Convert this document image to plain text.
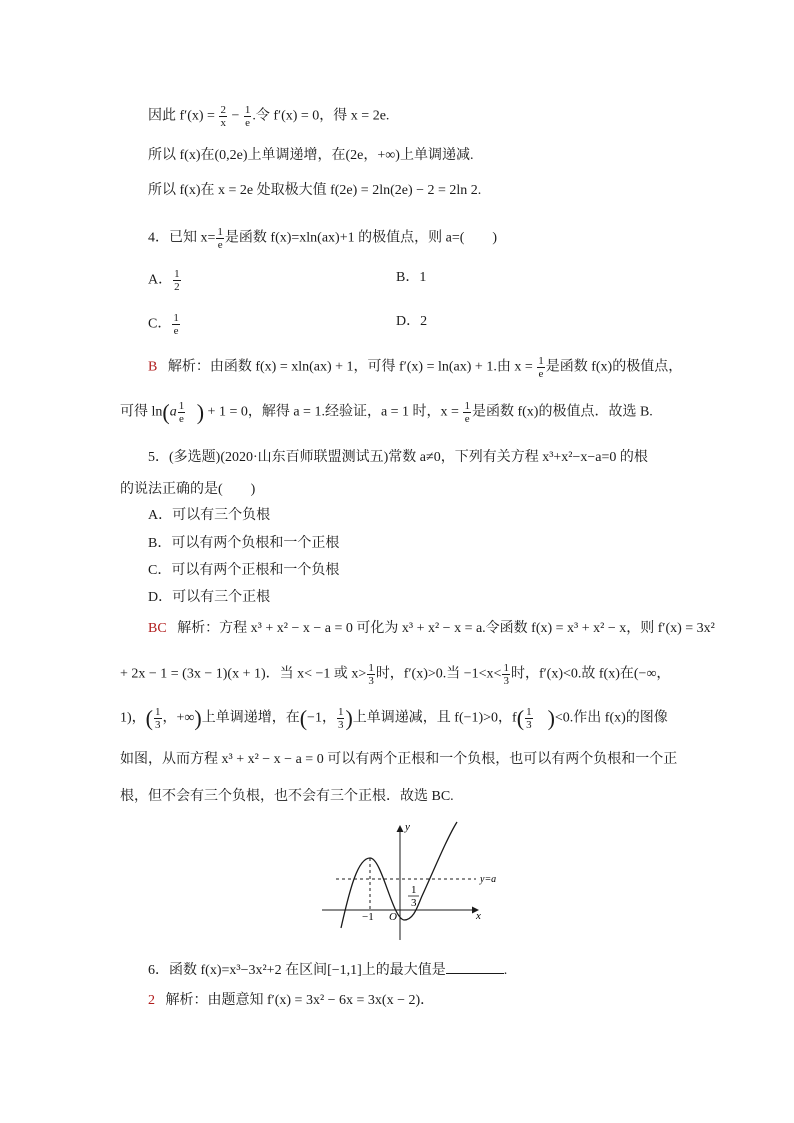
因此 $f'(x) = \frac{2}{x} - \frac{1}{e}$ .令 f′(x) = 0，得 x = 2e.
所以 f(x)在(0,2e)上单调递增，在(2e，+∞)上单调递减.
所以 f(x)在 x = 2e 处取极大值 f(2e) = 2ln(2e) − 2 = 2ln 2.
4．已知 $x= \frac{1}{e}$ 是函数 f(x)=xln(ax)+1 的极值点，则 a=(　　)
A． $\frac{1}{2}$	B．1
C． $\frac{1}{e}$	D．2
B 解析：由函数 f(x) = xln(ax) + 1，可得 f′(x) = ln(ax) + 1.由 $x = \frac{1}{e}$ 是函数 f(x)的极值点，
可得 $\ln(a \frac{1}{e}$ ) + 1 = 0，解得 a = 1.经验证，a = 1 时，$x = \frac{1}{e}$ 是函数 f(x)的极值点．故选 B.
5．(多选题)(2020·山东百师联盟测试五)常数 a≠0，下列有关方程 x³+x²−x−a=0 的根
的说法正确的是(　　)
A．可以有三个负根
B．可以有两个负根和一个正根
C．可以有两个正根和一个负根
D．可以有三个正根
BC 解析：方程 x³ + x² − x − a = 0 可化为 x³ + x² − x = a.令函数 f(x) = x³ + x² − x，则 f′(x) = 3x²
+ 2x − 1 = (3x − 1)(x + 1)．当 x< −1 或 $x> \frac{1}{3}$ 时，f′(x)>0.当 $-1<x< \frac{1}{3}$ 时，f′(x)<0.故 f(x)在(−∞，
1)，( $\frac{1}{3}$ ，+∞)上单调递增，在(−1， $\frac{1}{3}$ )上单调递减，且 f(−1)>0，$f( \frac{1}{3} )<0$.作出 f(x)的图像
如图，从而方程 x³ + x² − x − a = 0 可以有两个正根和一个负根，也可以有两个负根和一个正
根，但不会有三个负根，也不会有三个正根．故选 BC.
y
x
O
−1
1
3
y=a
6．函数 f(x)=x³−3x²+2 在区间[−1,1]上的最大值是	.
2 解析：由题意知 f′(x) = 3x² − 6x = 3x(x − 2)．
